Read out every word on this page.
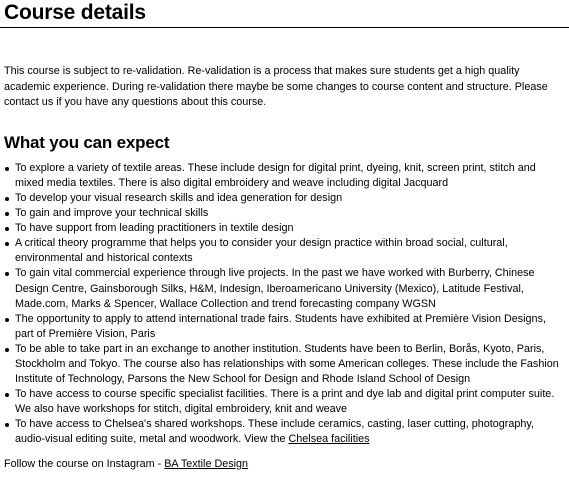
Course details

This course is subject to re-validation. Re-validation is a process that makes sure students get a high quality academic experience. During re-validation there maybe be some changes to course content and structure. Please contact us if you have any questions about this course.

What you can expect
To explore a variety of textile areas. These include design for digital print, dyeing, knit, screen print, stitch and mixed media textiles. There is also digital embroidery and weave including digital Jacquard
To develop your visual research skills and idea generation for design
To gain and improve your technical skills
To have support from leading practitioners in textile design
A critical theory programme that helps you to consider your design practice within broad social, cultural, environmental and historical contexts
To gain vital commercial experience through live projects. In the past we have worked with Burberry, Chinese Design Centre, Gainsborough Silks, H&M, Indesign, Iberoamericano University (Mexico), Latitude Festival, Made.com, Marks & Spencer, Wallace Collection and trend forecasting company WGSN
The opportunity to apply to attend international trade fairs. Students have exhibited at Première Vision Designs, part of Première Vision, Paris
To be able to take part in an exchange to another institution. Students have been to Berlin, Borås, Kyoto, Paris, Stockholm and Tokyo. The course also has relationships with some American colleges. These include the Fashion Institute of Technology, Parsons the New School for Design and Rhode Island School of Design
To have access to course specific specialist facilities. There is a print and dye lab and digital print computer suite. We also have workshops for stitch, digital embroidery, knit and weave
To have access to Chelsea's shared workshops. These include ceramics, casting, laser cutting, photography, audio-visual editing suite, metal and woodwork. View the Chelsea facilities

Follow the course on Instagram - BA Textile Design
